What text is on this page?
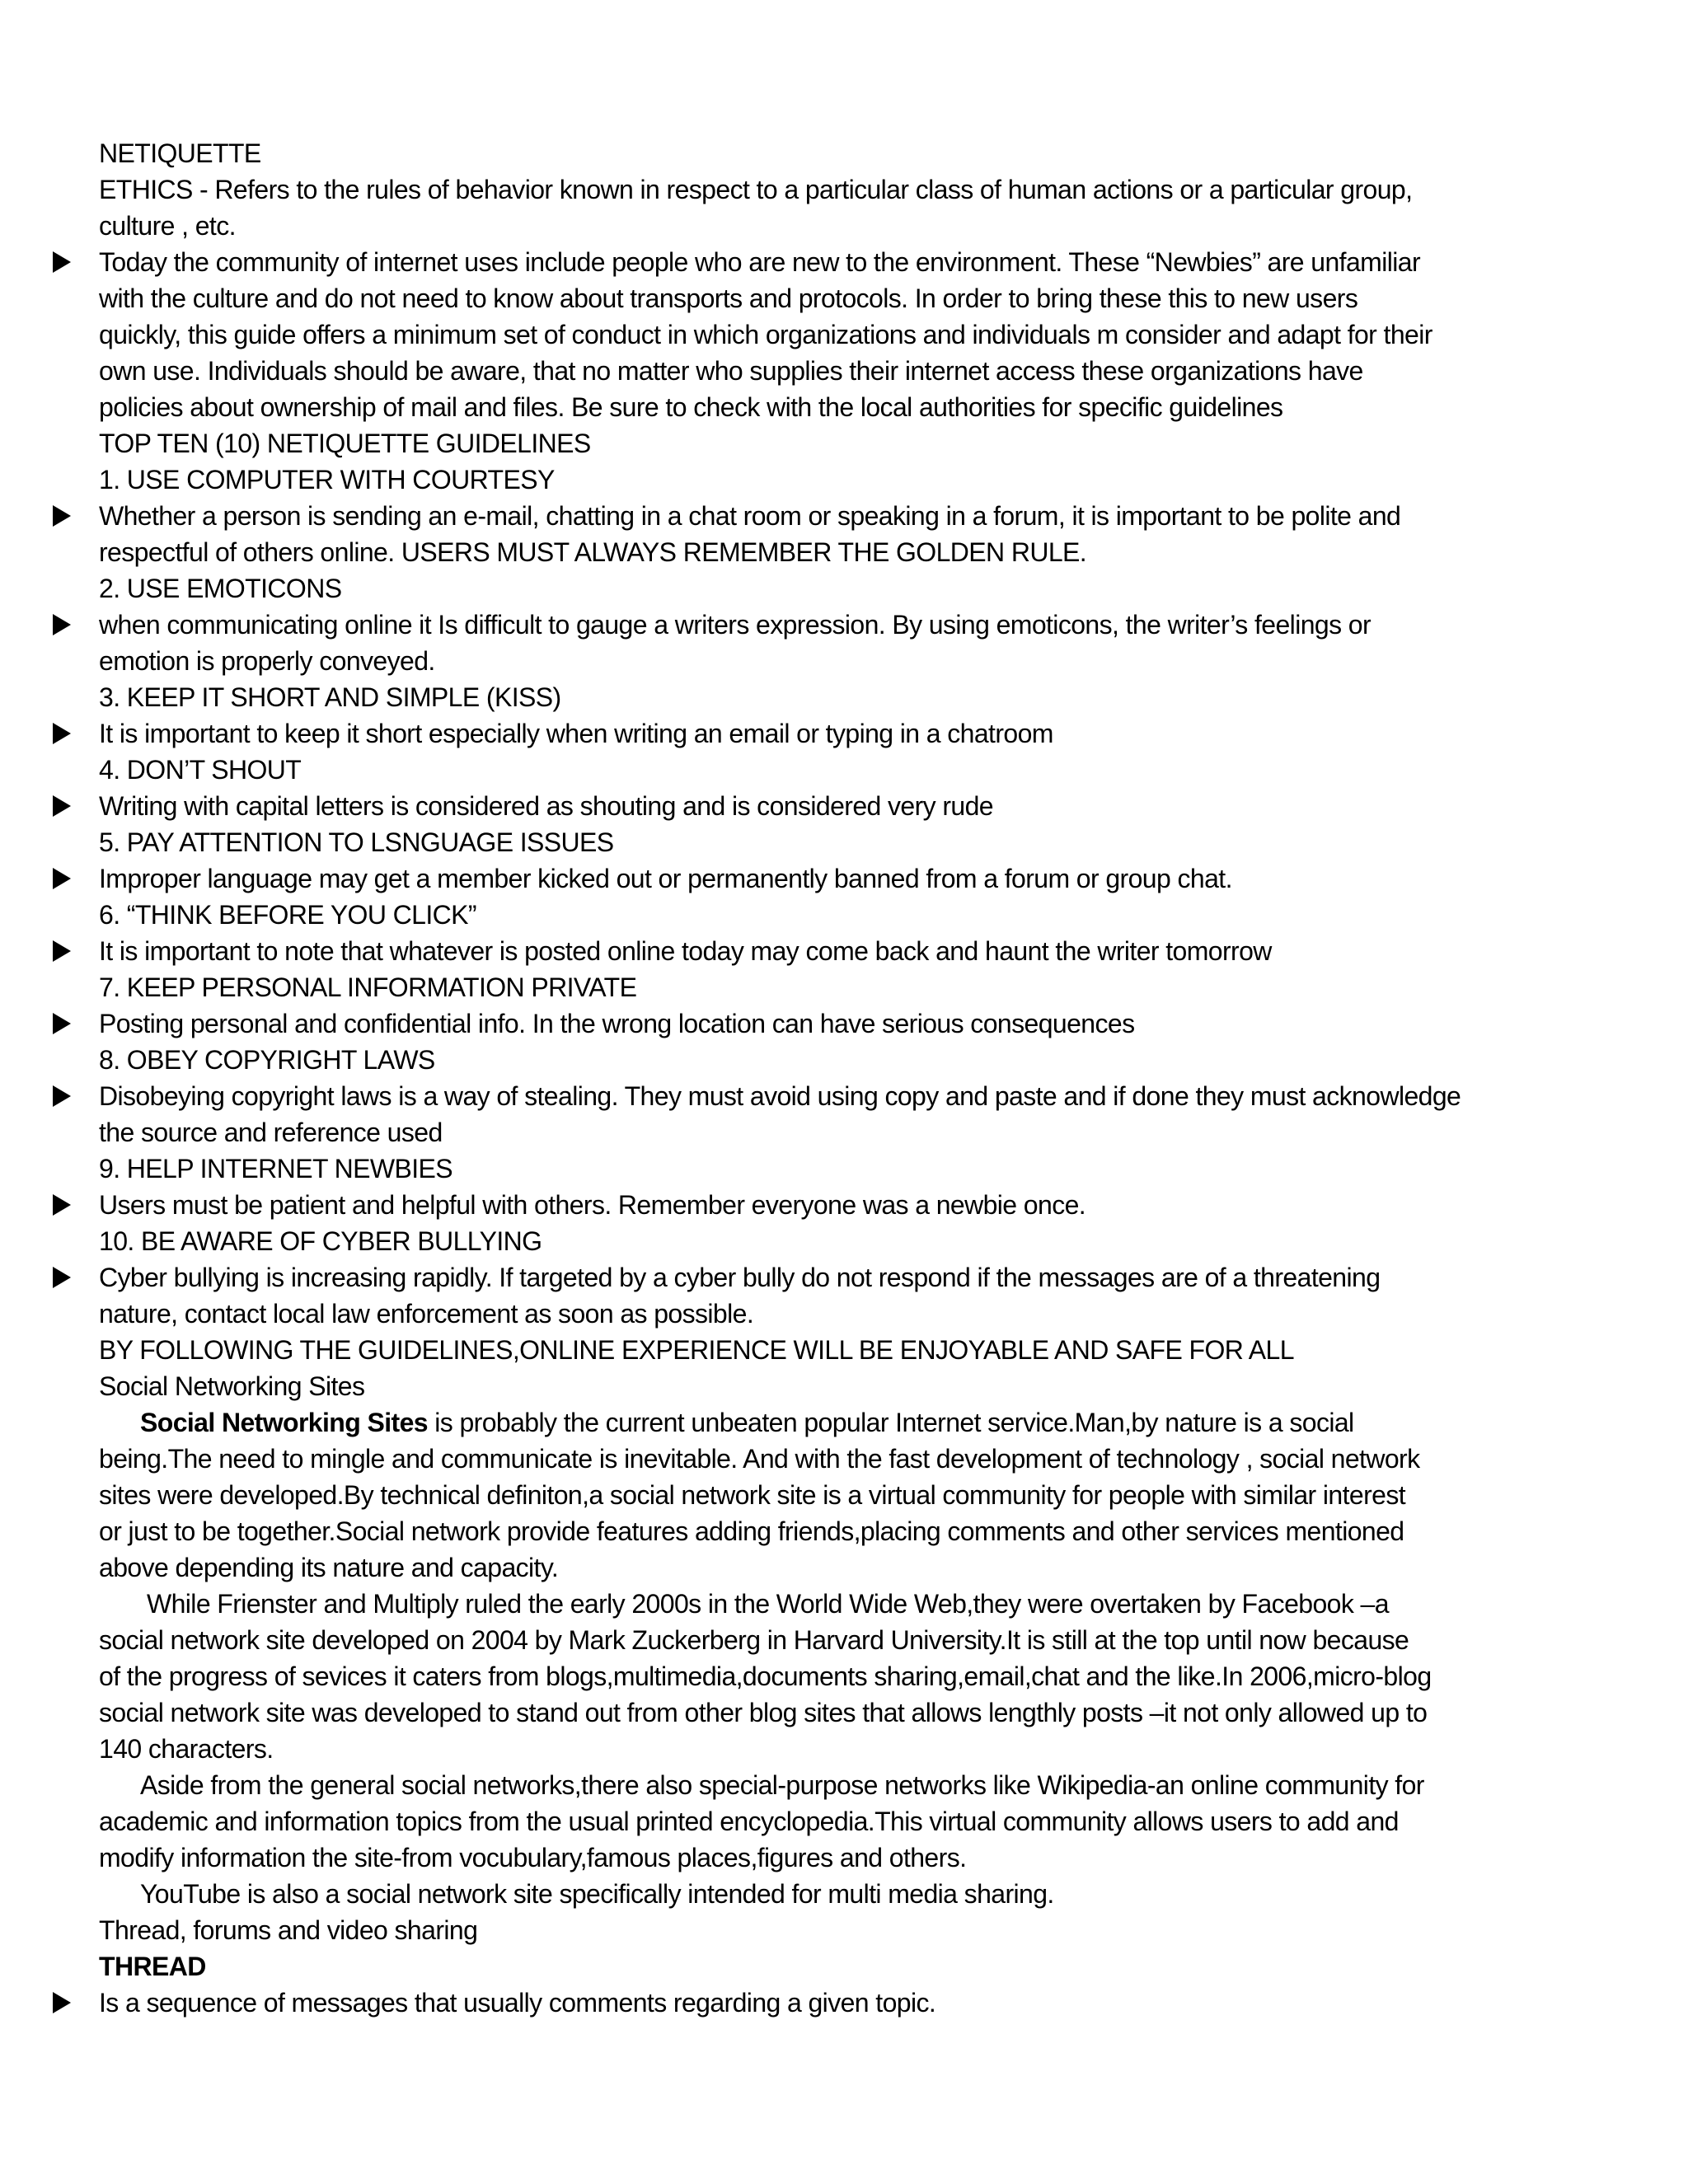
NETIQUETTE
ETHICS - Refers to the rules of behavior known in respect to a particular class of human actions or a particular group,
culture , etc.
Today the community of internet uses include people who are new to the environment. These “Newbies” are unfamiliar
with the culture and do not need to know about transports and protocols. In order to bring these this to new users
quickly, this guide offers a minimum set of conduct in which organizations and individuals m consider and adapt for their
own use. Individuals should be aware, that no matter who supplies their internet access these organizations have
policies about ownership of mail and files. Be sure to check with the local authorities for specific guidelines
TOP TEN (10) NETIQUETTE GUIDELINES
1. USE COMPUTER WITH COURTESY
Whether a person is sending an e-mail, chatting in a chat room or speaking in a forum, it is important to be polite and
respectful of others online. USERS MUST ALWAYS REMEMBER THE GOLDEN RULE.
2. USE EMOTICONS
when communicating online it Is difficult to gauge a writers expression. By using emoticons, the writer’s feelings or
emotion is properly conveyed.
3. KEEP IT SHORT AND SIMPLE (KISS)
It is important to keep it short especially when writing an email or typing in a chatroom
4. DON’T SHOUT
Writing with capital letters is considered as shouting and is considered very rude
5. PAY ATTENTION TO LSNGUAGE ISSUES
Improper language may get a member kicked out or permanently banned from a forum or group chat.
6. “THINK BEFORE YOU CLICK”
It is important to note that whatever is posted online today may come back and haunt the writer tomorrow
7. KEEP PERSONAL INFORMATION PRIVATE
Posting personal and confidential info. In the wrong location can have serious consequences
8. OBEY COPYRIGHT LAWS
Disobeying copyright laws is a way of stealing. They must avoid using copy and paste and if done they must acknowledge
the source and reference used
9. HELP INTERNET NEWBIES
Users must be patient and helpful with others. Remember everyone was a newbie once.
10. BE AWARE OF CYBER BULLYING
Cyber bullying is increasing rapidly. If targeted by a cyber bully do not respond if the messages are of a threatening
nature, contact local law enforcement as soon as possible.
BY FOLLOWING THE GUIDELINES,ONLINE EXPERIENCE WILL BE ENJOYABLE AND SAFE FOR ALL
Social Networking Sites
Social Networking Sites is probably the current unbeaten popular Internet service.Man,by nature is a social
being.The need to mingle and communicate is inevitable. And with the fast development of technology , social network
sites were developed.By technical definiton,a social network site is a virtual community for people with similar interest
or just to be together.Social network provide features adding friends,placing comments and other services mentioned
above depending its nature and capacity.
While Frienster and Multiply ruled the early 2000s in the World Wide Web,they were overtaken by Facebook –a
social network site developed on 2004 by Mark Zuckerberg in Harvard University.It is still at the top until now because
of the progress of sevices it caters from blogs,multimedia,documents sharing,email,chat and the like.In 2006,micro-blog
social network site was developed to stand out from other blog sites that allows lengthly posts –it not only allowed up to
140 characters.
Aside from the general social networks,there also special-purpose networks like Wikipedia-an online community for
academic and information topics from the usual printed encyclopedia.This virtual community allows users to add and
modify information the site-from vocubulary,famous places,figures and others.
YouTube is also a social network site specifically intended for multi media sharing.
Thread, forums and video sharing
THREAD
Is a sequence of messages that usually comments regarding a given topic.
